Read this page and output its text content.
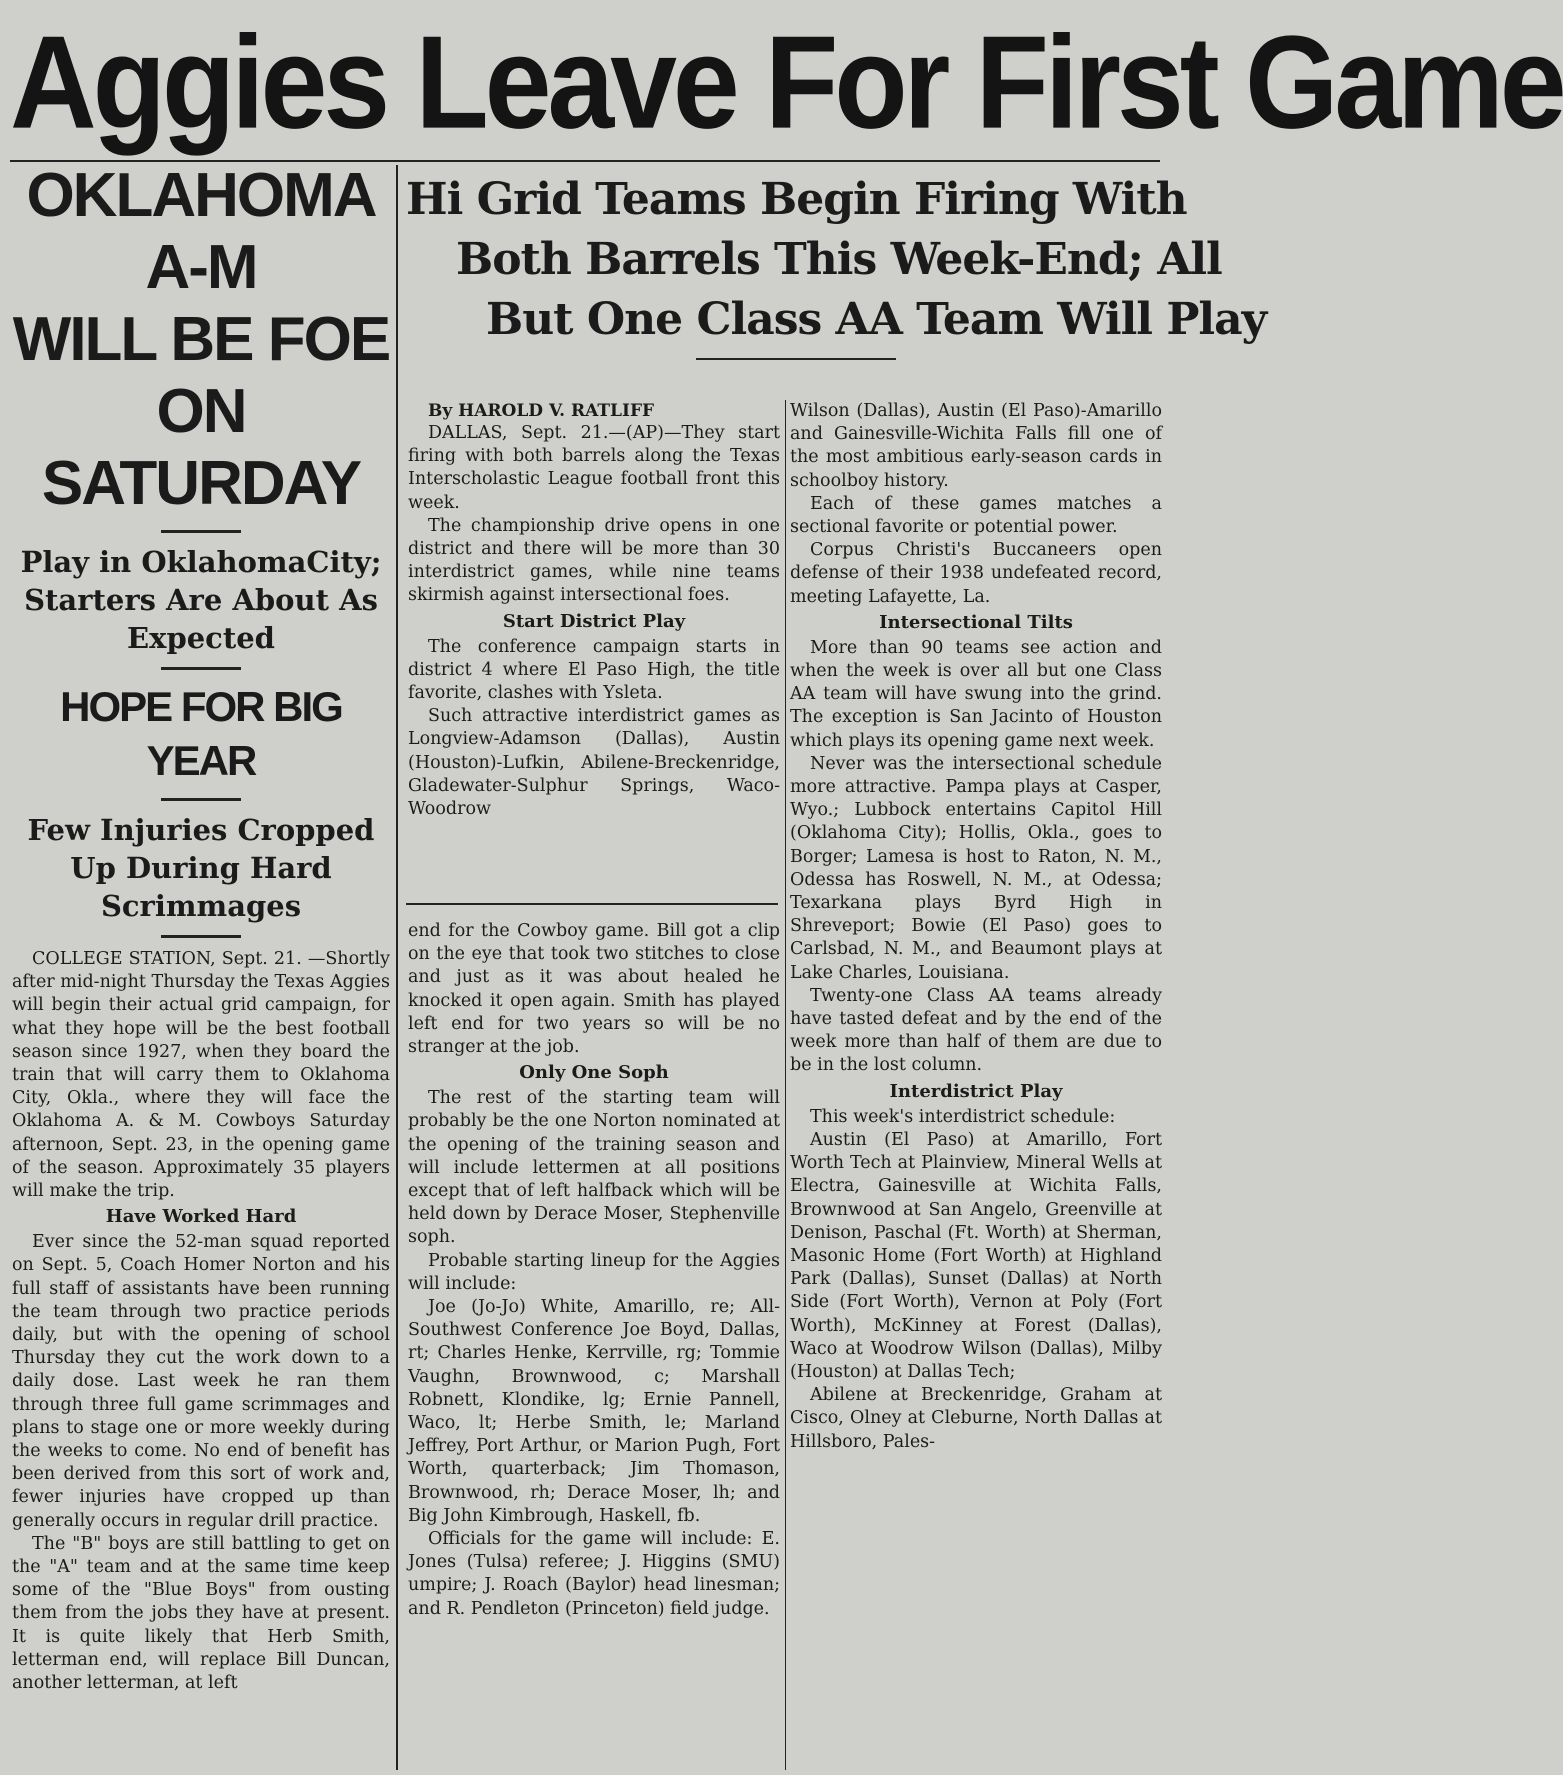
Aggies Leave For First Game
OKLAHOMA A-M
WILL BE FOE
ON SATURDAY
Play in OklahomaCity; Starters Are About As Expected
HOPE FOR BIG YEAR
Few Injuries Cropped Up During Hard Scrimmages

COLLEGE STATION, Sept. 21. —Shortly after mid-night Thursday the Texas Aggies will begin their actual grid campaign, for what they hope will be the best football season since 1927, when they board the train that will carry them to Oklahoma City, Okla., where they will face the Oklahoma A. & M. Cowboys Saturday afternoon, Sept. 23, in the opening game of the season. Approximately 35 players will make the trip.

Have Worked Hard

Ever since the 52-man squad reported on Sept. 5, Coach Homer Norton and his full staff of assistants have been running the team through two practice periods daily, but with the opening of school Thursday they cut the work down to a daily dose. Last week he ran them through three full game scrimmages and plans to stage one or more weekly during the weeks to come. No end of benefit has been derived from this sort of work and, fewer injuries have cropped up than generally occurs in regular drill practice.

The "B" boys are still battling to get on the "A" team and at the same time keep some of the "Blue Boys" from ousting them from the jobs they have at present. It is quite likely that Herb Smith, letterman end, will replace Bill Duncan, another letterman, at left

Hi Grid Teams Begin Firing With
Both Barrels This Week-End; All
But One Class AA Team Will Play
By HAROLD V. RATLIFF

DALLAS, Sept. 21.—(AP)—They start firing with both barrels along the Texas Interscholastic League football front this week.

The championship drive opens in one district and there will be more than 30 interdistrict games, while nine teams skirmish against intersectional foes.

Start District Play

The conference campaign starts in district 4 where El Paso High, the title favorite, clashes with Ysleta.

Such attractive interdistrict games as Longview-Adamson (Dallas), Austin (Houston)-Lufkin, Abilene-Breckenridge, Gladewater-Sulphur Springs, Waco-Woodrow

end for the Cowboy game. Bill got a clip on the eye that took two stitches to close and just as it was about healed he knocked it open again. Smith has played left end for two years so will be no stranger at the job.

Only One Soph

The rest of the starting team will probably be the one Norton nominated at the opening of the training season and will include lettermen at all positions except that of left halfback which will be held down by Derace Moser, Stephenville soph.

Probable starting lineup for the Aggies will include:

Joe (Jo-Jo) White, Amarillo, re; All-Southwest Conference Joe Boyd, Dallas, rt; Charles Henke, Kerrville, rg; Tommie Vaughn, Brownwood, c; Marshall Robnett, Klondike, lg; Ernie Pannell, Waco, lt; Herbe Smith, le; Marland Jeffrey, Port Arthur, or Marion Pugh, Fort Worth, quarterback; Jim Thomason, Brownwood, rh; Derace Moser, lh; and Big John Kimbrough, Haskell, fb.

Officials for the game will include: E. Jones (Tulsa) referee; J. Higgins (SMU) umpire; J. Roach (Baylor) head linesman; and R. Pendleton (Princeton) field judge.

Wilson (Dallas), Austin (El Paso)-Amarillo and Gainesville-Wichita Falls fill one of the most ambitious early-season cards in schoolboy history.

Each of these games matches a sectional favorite or potential power.

Corpus Christi's Buccaneers open defense of their 1938 undefeated record, meeting Lafayette, La.

Intersectional Tilts

More than 90 teams see action and when the week is over all but one Class AA team will have swung into the grind. The exception is San Jacinto of Houston which plays its opening game next week.

Never was the intersectional schedule more attractive. Pampa plays at Casper, Wyo.; Lubbock entertains Capitol Hill (Oklahoma City); Hollis, Okla., goes to Borger; Lamesa is host to Raton, N. M., Odessa has Roswell, N. M., at Odessa; Texarkana plays Byrd High in Shreveport; Bowie (El Paso) goes to Carlsbad, N. M., and Beaumont plays at Lake Charles, Louisiana.

Twenty-one Class AA teams already have tasted defeat and by the end of the week more than half of them are due to be in the lost column.

Interdistrict Play

This week's interdistrict schedule:

Austin (El Paso) at Amarillo, Fort Worth Tech at Plainview, Mineral Wells at Electra, Gainesville at Wichita Falls, Brownwood at San Angelo, Greenville at Denison, Paschal (Ft. Worth) at Sherman, Masonic Home (Fort Worth) at Highland Park (Dallas), Sunset (Dallas) at North Side (Fort Worth), Vernon at Poly (Fort Worth), McKinney at Forest (Dallas), Waco at Woodrow Wilson (Dallas), Milby (Houston) at Dallas Tech;

Abilene at Breckenridge, Graham at Cisco, Olney at Cleburne, North Dallas at Hillsboro, Pales-
